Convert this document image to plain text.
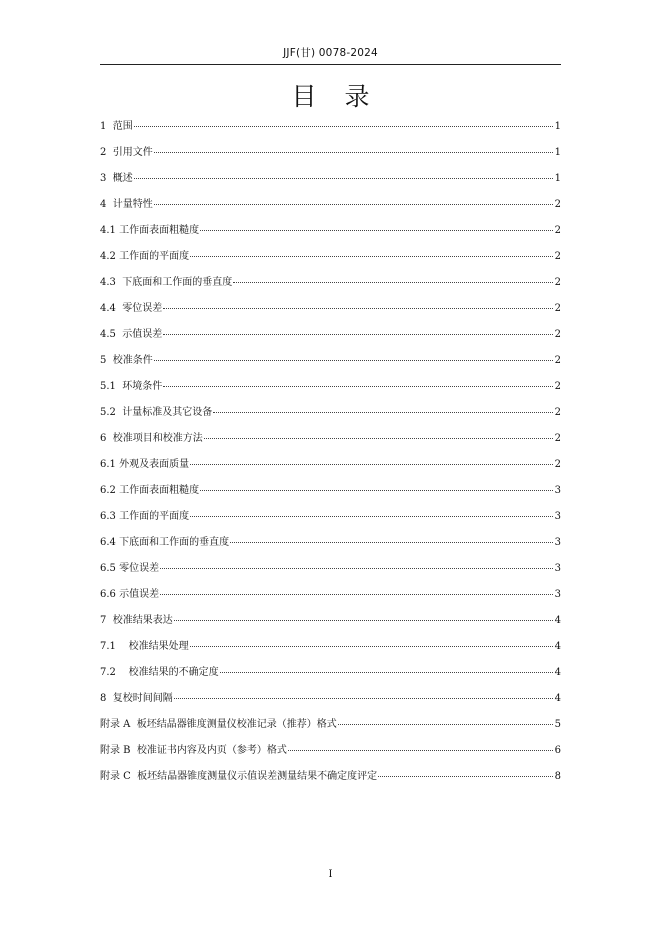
JJF(甘) 0078-2024
目录
1  范围	1
2  引用文件	1
3  概述	1
4  计量特性	2
4.1 工作面表面粗糙度	2
4.2 工作面的平面度	2
4.3  下底面和工作面的垂直度	2
4.4  零位误差	2
4.5  示值误差	2
5  校准条件	2
5.1  环境条件	2
5.2  计量标准及其它设备	2
6  校准项目和校准方法	2
6.1 外观及表面质量	2
6.2 工作面表面粗糙度	3
6.3 工作面的平面度	3
6.4 下底面和工作面的垂直度	3
6.5 零位误差	3
6.6 示值误差	3
7  校准结果表达	4
7.1    校准结果处理	4
7.2    校准结果的不确定度	4
8  复校时间间隔	4
附录 A  板坯结晶器锥度测量仪校准记录（推荐）格式	5
附录 B  校准证书内容及内页（参考）格式	6
附录 C  板坯结晶器锥度测量仪示值误差测量结果不确定度评定	8
I
